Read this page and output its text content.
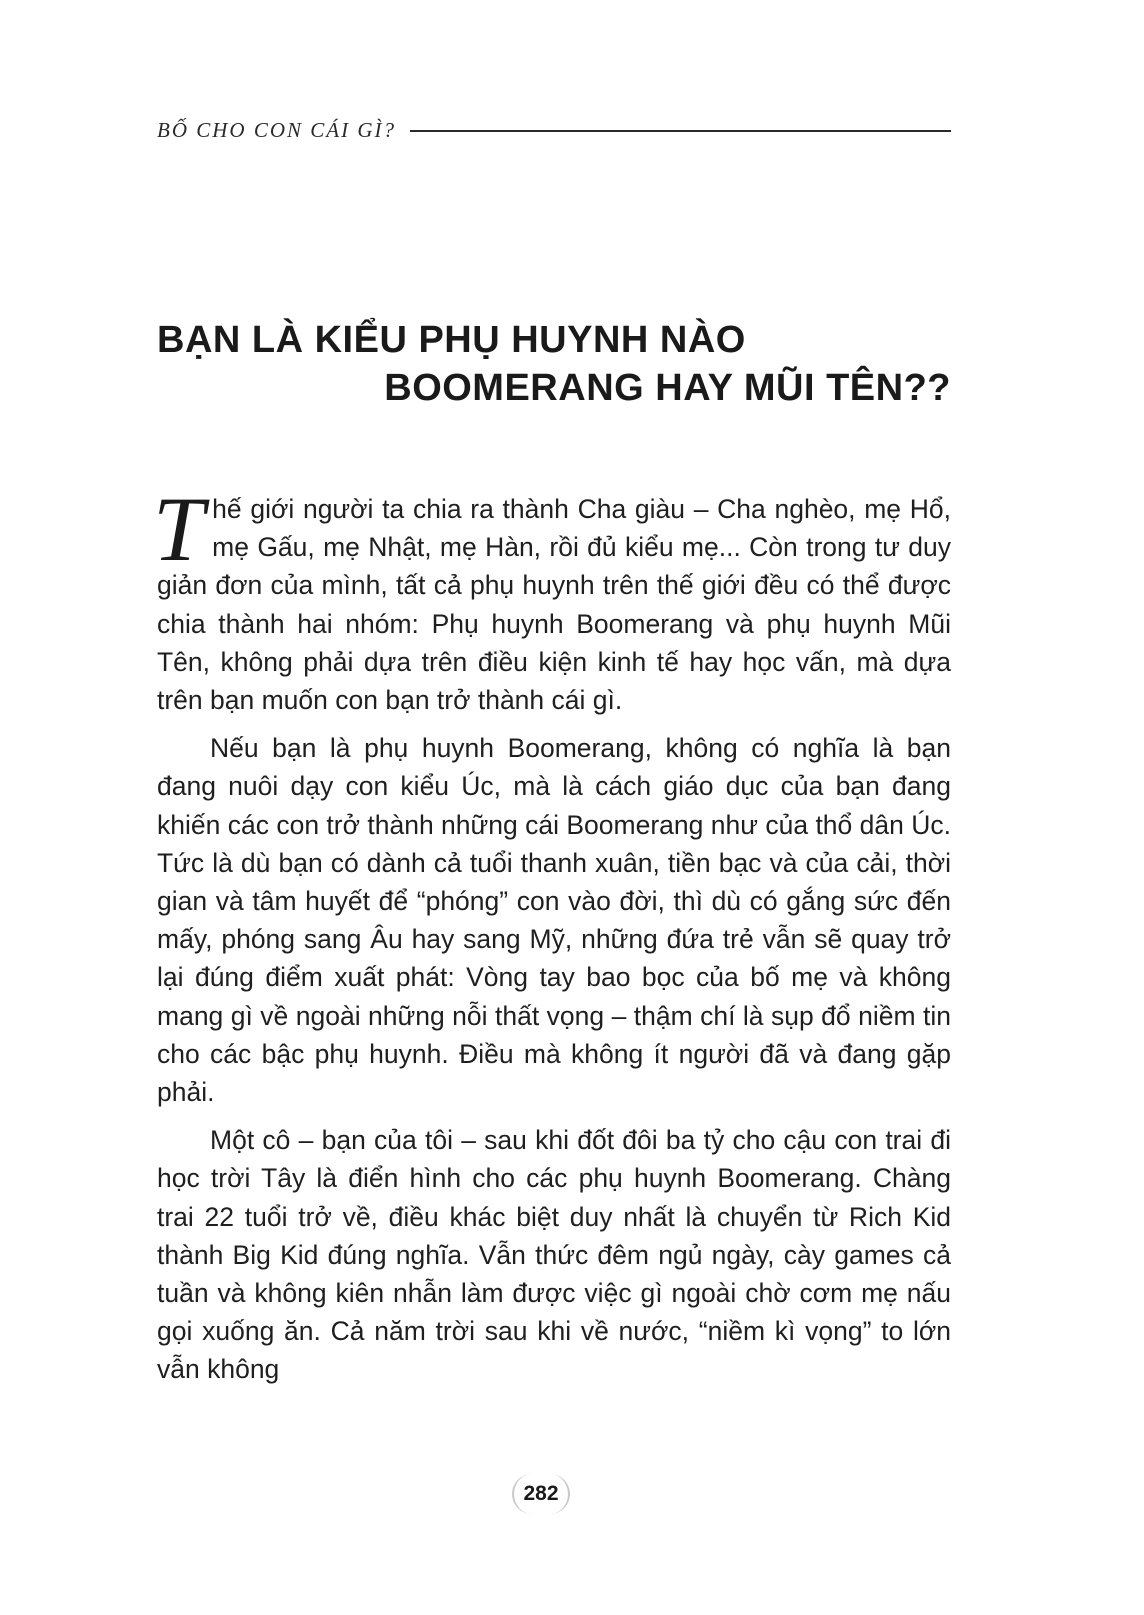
BỐ CHO CON CÁI GÌ?
BẠN LÀ KIỂU PHỤ HUYNH NÀO
BOOMERANG HAY MŨI TÊN??

T hế giới người ta chia ra thành Cha giàu – Cha nghèo, mẹ Hổ, mẹ Gấu, mẹ Nhật, mẹ Hàn, rồi đủ kiểu mẹ... Còn trong tư duy giản đơn của mình, tất cả phụ huynh trên thế giới đều có thể được chia thành hai nhóm: Phụ huynh Boomerang và phụ huynh Mũi Tên, không phải dựa trên điều kiện kinh tế hay học vấn, mà dựa trên bạn muốn con bạn trở thành cái gì.

Nếu bạn là phụ huynh Boomerang, không có nghĩa là bạn đang nuôi dạy con kiểu Úc, mà là cách giáo dục của bạn đang khiến các con trở thành những cái Boomerang như của thổ dân Úc. Tức là dù bạn có dành cả tuổi thanh xuân, tiền bạc và của cải, thời gian và tâm huyết để “phóng” con vào đời, thì dù có gắng sức đến mấy, phóng sang Âu hay sang Mỹ, những đứa trẻ vẫn sẽ quay trở lại đúng điểm xuất phát: Vòng tay bao bọc của bố mẹ và không mang gì về ngoài những nỗi thất vọng – thậm chí là sụp đổ niềm tin cho các bậc phụ huynh. Điều mà không ít người đã và đang gặp phải.

Một cô – bạn của tôi – sau khi đốt đôi ba tỷ cho cậu con trai đi học trời Tây là điển hình cho các phụ huynh Boomerang. Chàng trai 22 tuổi trở về, điều khác biệt duy nhất là chuyển từ Rich Kid thành Big Kid đúng nghĩa. Vẫn thức đêm ngủ ngày, cày games cả tuần và không kiên nhẫn làm được việc gì ngoài chờ cơm mẹ nấu gọi xuống ăn. Cả năm trời sau khi về nước, “niềm kì vọng” to lớn vẫn không

282
